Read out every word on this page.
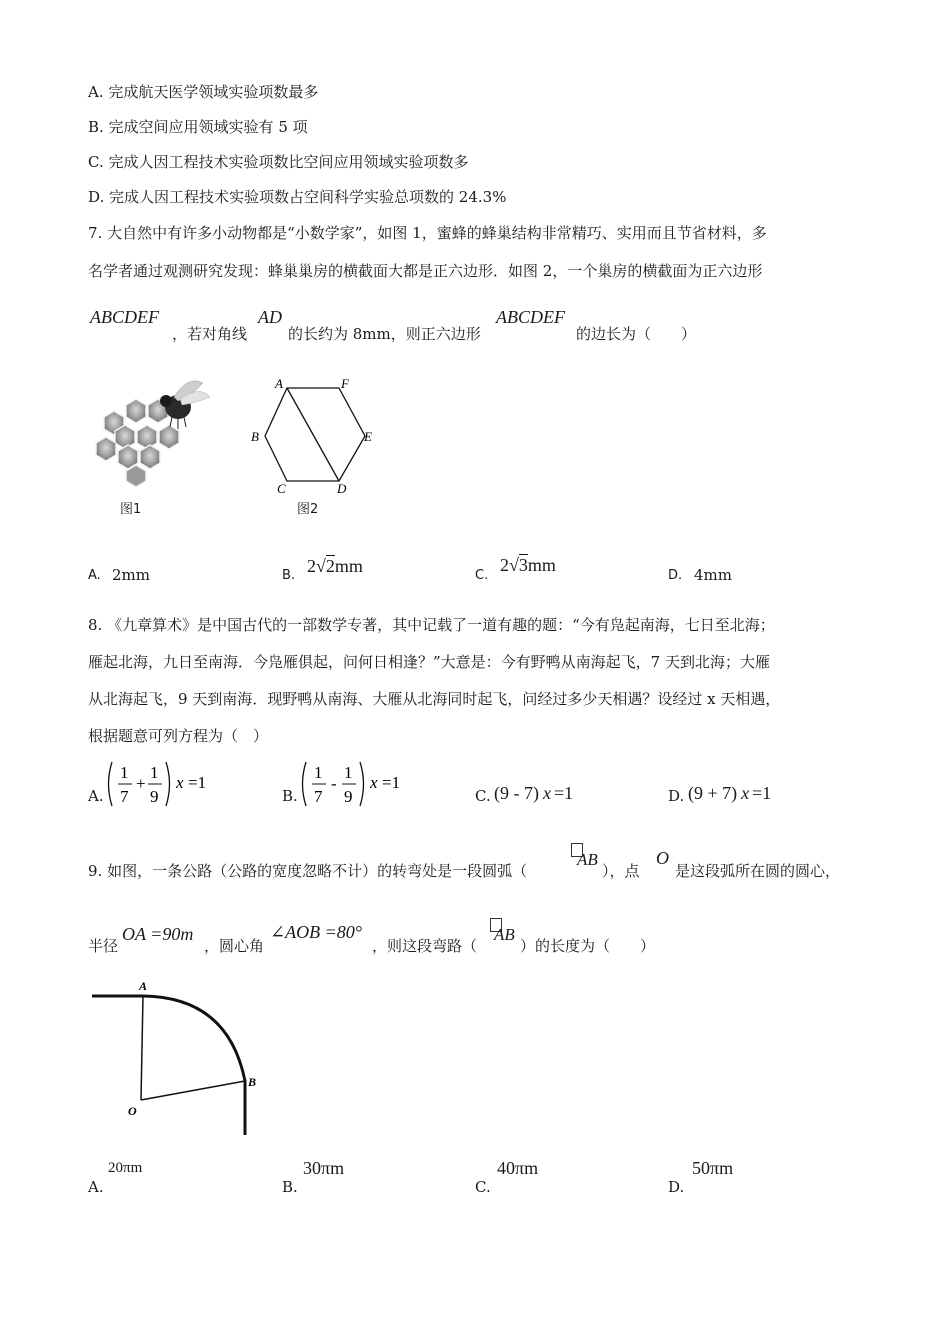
A. 完成航天医学领域实验项数最多
B. 完成空间应用领域实验有 5 项
C. 完成人因工程技术实验项数比空间应用领域实验项数多
D. 完成人因工程技术实验项数占空间科学实验总项数的 24.3%
7. 大自然中有许多小动物都是“小数学家”，如图 1，蜜蜂的蜂巢结构非常精巧、实用而且节省材料，多
名学者通过观测研究发现：蜂巢巢房的横截面大都是正六边形．如图 2，一个巢房的横截面为正六边形
ABCDEF
，若对角线
AD
的长约为 8mm，则正六边形
ABCDEF
的边长为（　　）
图1
A	F
B	E
C	D
图2
A. 2mm	B. 2√2mm	C.
2√3mm
D. 4mm
8. 《九章算术》是中国古代的一部数学专著，其中记载了一道有趣的题：“今有凫起南海，七日至北海；
雁起北海，九日至南海．今凫雁俱起，问何日相逢？”大意是：今有野鸭从南海起飞，7 天到北海；大雁
从北海起飞，9 天到南海．现野鸭从南海、大雁从北海同时起飞，问经过多少天相遇？设经过 x 天相遇，
根据题意可列方程为（　）
A.
1
7
+
1
9
x =1
B.
1
7
-
1
9
x =1
C. (9 - 7) x =1	D. (9 + 7) x =1
9. 如图，一条公路（公路的宽度忽略不计）的转弯处是一段圆弧（
AB
），点
O
是这段弧所在圆的圆心，
半径
OA =90m
，圆心角
∠AOB =80°
，则这段弯路（
AB
）的长度为（　　）
A
B
O
A.
20πm
B.
30πm
C.
40πm
D.
50πm
